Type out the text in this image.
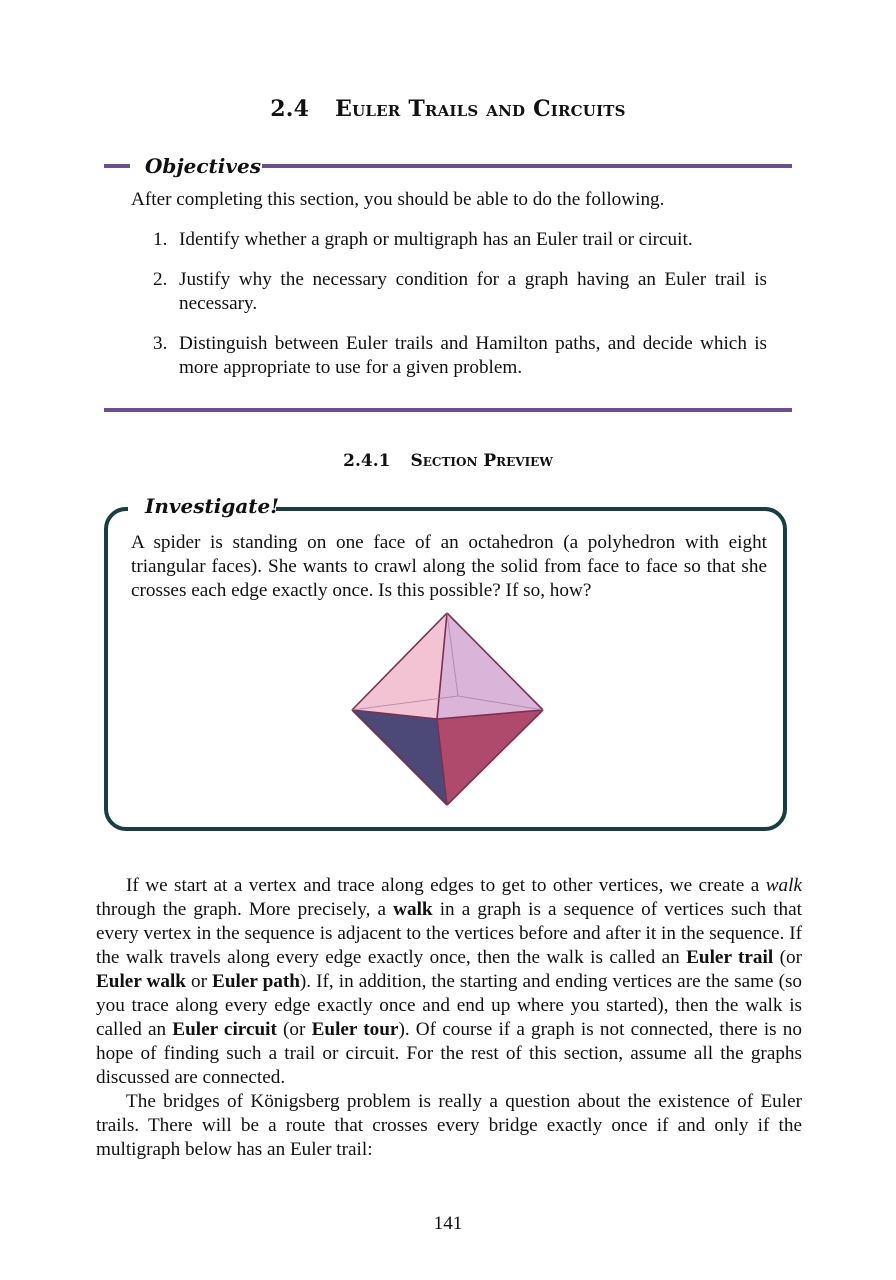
2.4 Euler Trails and Circuits
Objectives
After completing this section, you should be able to do the following.
1. Identify whether a graph or multigraph has an Euler trail or circuit.
2. Justify why the necessary condition for a graph having an Euler trail is necessary.
3. Distinguish between Euler trails and Hamilton paths, and decide which is more appropriate to use for a given problem.
2.4.1 Section Preview
Investigate!
A spider is standing on one face of an octahedron (a polyhedron with eight triangular faces). She wants to crawl along the solid from face to face so that she crosses each edge exactly once. Is this possible? If so, how?

If we start at a vertex and trace along edges to get to other vertices, we create a walk through the graph. More precisely, a walk in a graph is a sequence of vertices such that every vertex in the sequence is adjacent to the vertices before and after it in the sequence. If the walk travels along every edge exactly once, then the walk is called an Euler trail (or Euler walk or Euler path). If, in addition, the starting and ending vertices are the same (so you trace along every edge exactly once and end up where you started), then the walk is called an Euler circuit (or Euler tour). Of course if a graph is not connected, there is no hope of finding such a trail or circuit. For the rest of this section, assume all the graphs discussed are connected.

The bridges of Königsberg problem is really a question about the existence of Euler trails. There will be a route that crosses every bridge exactly once if and only if the multigraph below has an Euler trail:

141
